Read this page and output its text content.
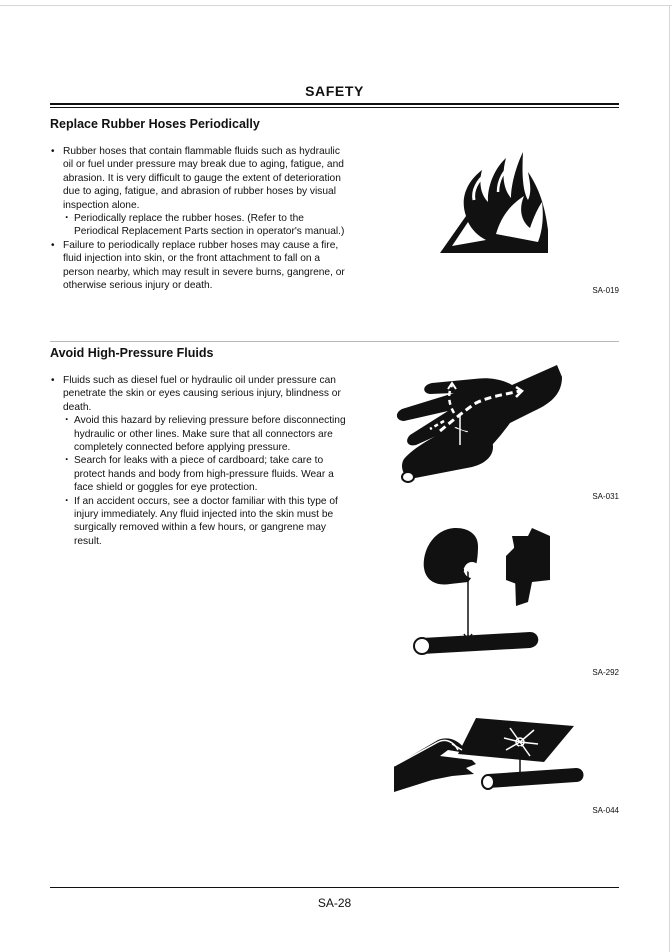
SAFETY
Replace Rubber Hoses Periodically
• Rubber hoses that contain flammable fluids such as hydraulic oil or fuel under pressure may break due to aging, fatigue, and abrasion. It is very difficult to gauge the extent of deterioration due to aging, fatigue, and abrasion of rubber hoses by visual inspection alone.
· Periodically replace the rubber hoses. (Refer to the Periodical Replacement Parts section in operator's manual.)
• Failure to periodically replace rubber hoses may cause a fire, fluid injection into skin, or the front attachment to fall on a person nearby, which may result in severe burns, gangrene, or otherwise serious injury or death.	SA-019
Avoid High-Pressure Fluids
• Fluids such as diesel fuel or hydraulic oil under pressure can penetrate the skin or eyes causing serious injury, blindness or death.
· Avoid this hazard by relieving pressure before disconnecting hydraulic or other lines. Make sure that all connectors are completely connected before applying pressure.
· Search for leaks with a piece of cardboard; take care to protect hands and body from high-pressure fluids. Wear a face shield or goggles for eye protection.
· If an accident occurs, see a doctor familiar with this type of injury immediately. Any fluid injected into the skin must be surgically removed within a few hours, or gangrene may result.
SA-031
SA-292
SA-044
SA-28
